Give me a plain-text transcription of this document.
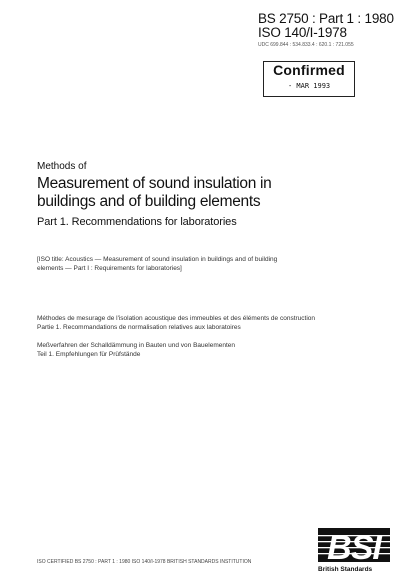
BS 2750 : Part 1 : 1980
ISO 140/I-1978
UDC 699.844 : 534.833.4 : 620.1 : 721.055
Confirmed
- MAR 1993
Methods of
Measurement of sound insulation in
buildings and of building elements
Part 1. Recommendations for laboratories

[ISO title: Acoustics — Measurement of sound insulation in buildings and of building

elements — Part I : Requirements for laboratories]

Méthodes de mesurage de l'isolation acoustique des immeubles et des éléments de construction

Partie 1. Recommandations de normalisation relatives aux laboratoires

Meßverfahren der Schalldämmung in Bauten und von Bauelementen

Teil 1. Empfehlungen für Prüfstände

ISO CERTIFIED BS 2750 : PART 1 : 1980 ISO 140/I-1978 BRITISH STANDARDS INSTITUTION BSI
British Standards
